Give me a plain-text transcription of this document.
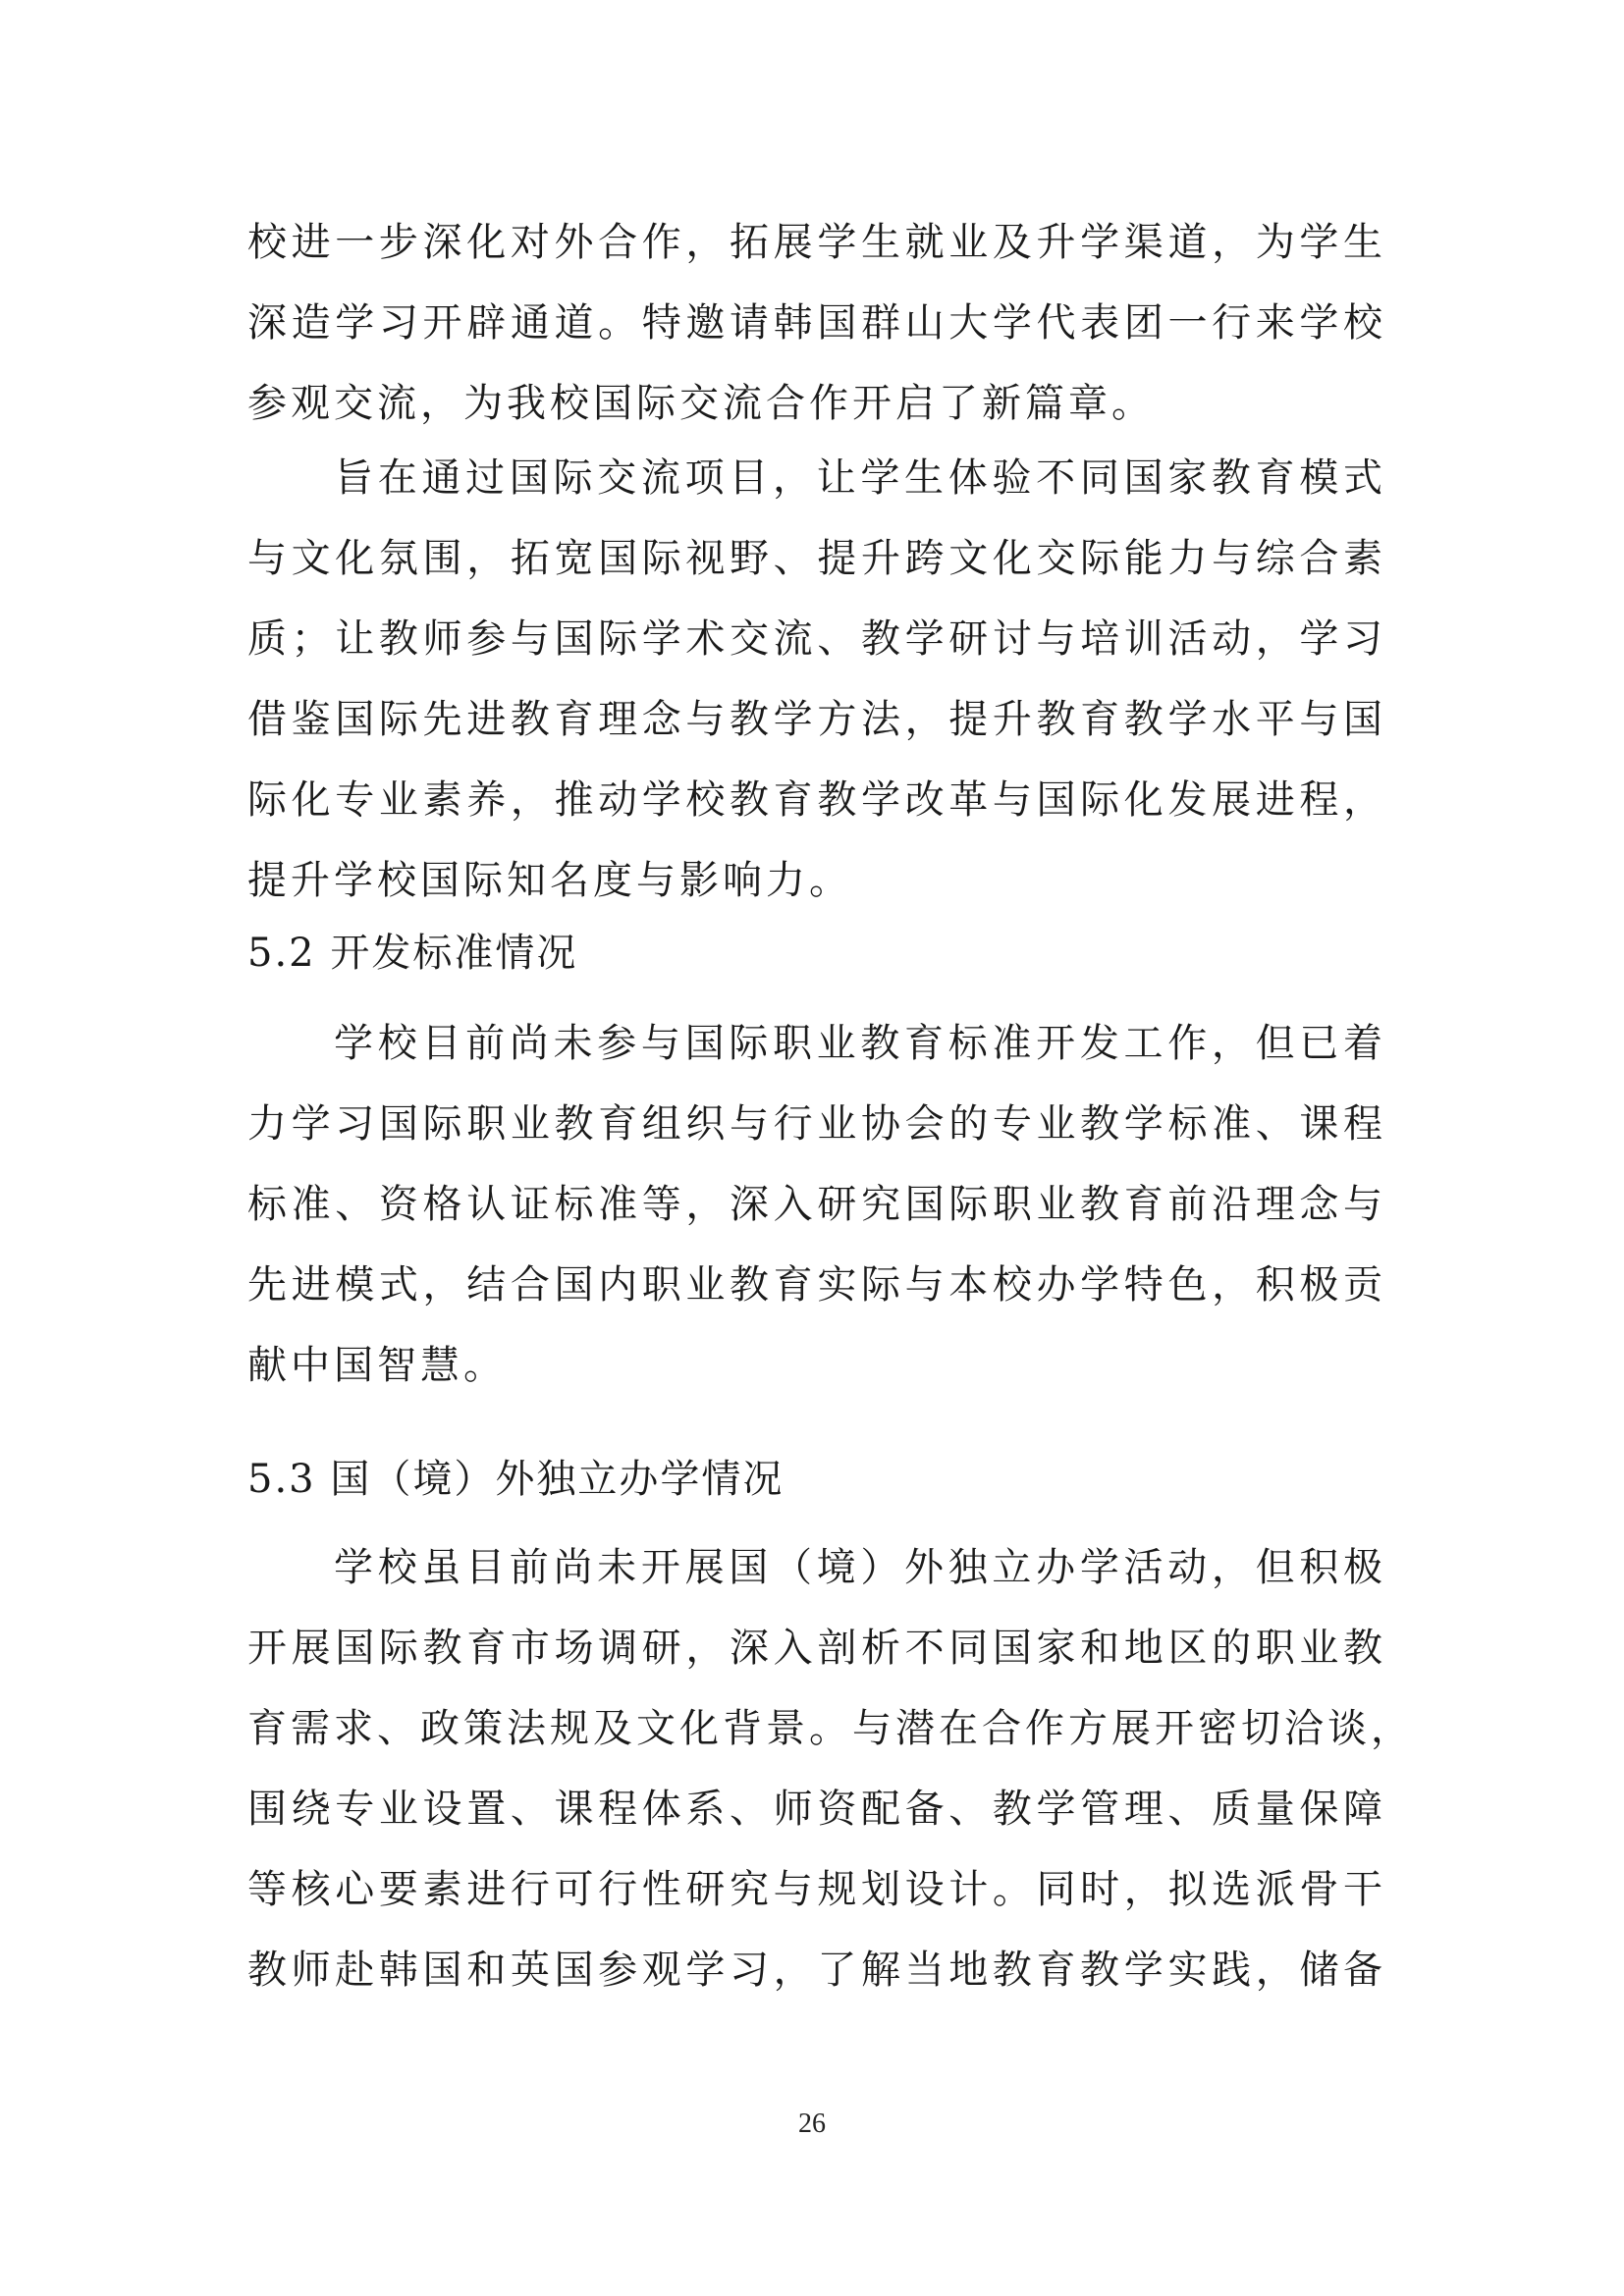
校进一步深化对外合作，拓展学生就业及升学渠道，为学生
深造学习开辟通道。特邀请韩国群山大学代表团一行来学校
参观交流，为我校国际交流合作开启了新篇章。
旨在通过国际交流项目，让学生体验不同国家教育模式
与文化氛围，拓宽国际视野、提升跨文化交际能力与综合素
质；让教师参与国际学术交流、教学研讨与培训活动，学习
借鉴国际先进教育理念与教学方法，提升教育教学水平与国
际化专业素养，推动学校教育教学改革与国际化发展进程，
提升学校国际知名度与影响力。
5.2 开发标准情况
学校目前尚未参与国际职业教育标准开发工作，但已着
力学习国际职业教育组织与行业协会的专业教学标准、课程
标准、资格认证标准等，深入研究国际职业教育前沿理念与
先进模式，结合国内职业教育实际与本校办学特色，积极贡
献中国智慧。
5.3 国（境）外独立办学情况
学校虽目前尚未开展国（境）外独立办学活动，但积极
开展国际教育市场调研，深入剖析不同国家和地区的职业教
育需求、政策法规及文化背景。与潜在合作方展开密切洽谈，
围绕专业设置、课程体系、师资配备、教学管理、质量保障
等核心要素进行可行性研究与规划设计。同时，拟选派骨干
教师赴韩国和英国参观学习，了解当地教育教学实践，储备
26
